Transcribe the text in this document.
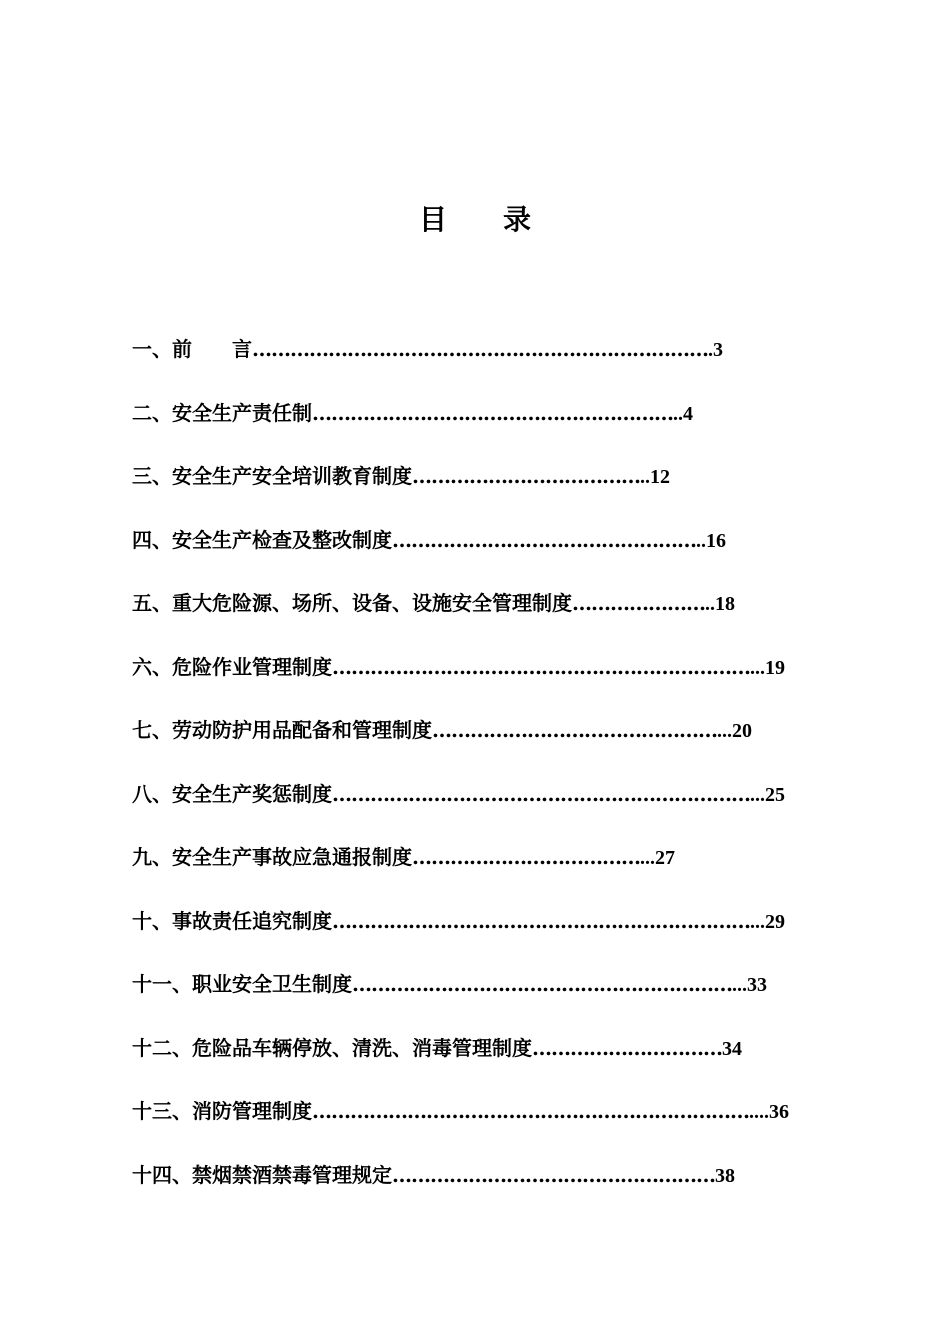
目 录
一、前　　言……………………………………………………………….3
二、安全生产责任制…………………………………………………..4
三、安全生产安全培训教育制度………………………………..12
四、安全生产检查及整改制度…………………………………………..16
五、重大危险源、场所、设备、设施安全管理制度…………………..18
六、危险作业管理制度…………………………………………………………...19
七、劳动防护用品配备和管理制度………………………………………...20
八、安全生产奖惩制度…………………………………………………………...25
九、安全生产事故应急通报制度………………………………...27
十、事故责任追究制度…………………………………………………………...29
十一、职业安全卫生制度……………………………………………………...33
十二、危险品车辆停放、清洗、消毒管理制度…………………………34
十三、消防管理制度……………………………………………………………....36
十四、禁烟禁酒禁毒管理规定……………………………………………38
